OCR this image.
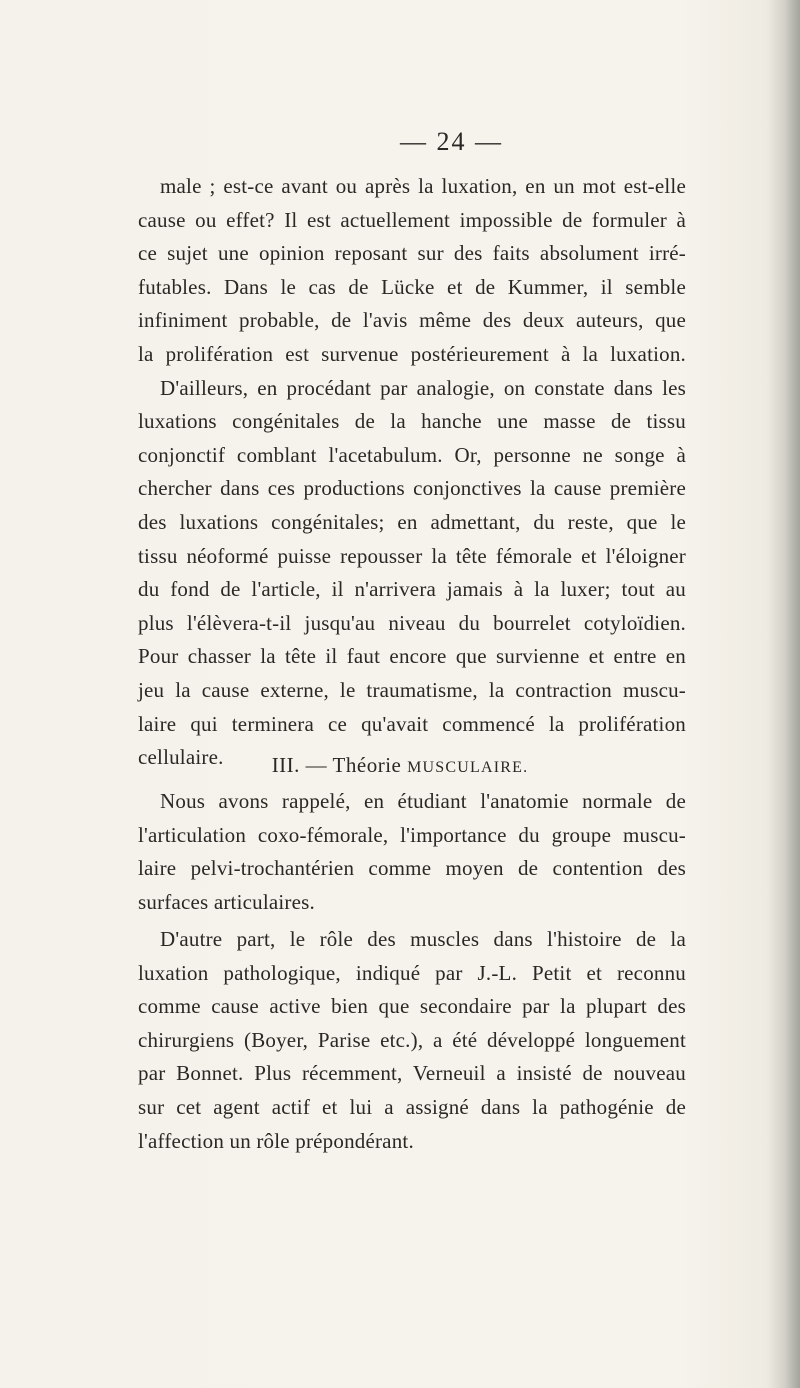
— 24 —
male ; est-ce avant ou après la luxation, en un mot est-elle
cause ou effet? Il est actuellement impossible de formuler à
ce sujet une opinion reposant sur des faits absolument irré-
futables. Dans le cas de Lücke et de Kummer, il semble
infiniment probable, de l'avis même des deux auteurs, que
la prolifération est survenue postérieurement à la luxation.
D'ailleurs, en procédant par analogie, on constate dans les
luxations congénitales de la hanche une masse de tissu
conjonctif comblant l'acetabulum. Or, personne ne songe à
chercher dans ces productions conjonctives la cause première
des luxations congénitales; en admettant, du reste, que le
tissu néoformé puisse repousser la tête fémorale et l'éloigner
du fond de l'article, il n'arrivera jamais à la luxer; tout au
plus l'élèvera-t-il jusqu'au niveau du bourrelet cotyloïdien.
Pour chasser la tête il faut encore que survienne et entre en
jeu la cause externe, le traumatisme, la contraction muscu-
laire qui terminera ce qu'avait commencé la prolifération
cellulaire.	III. — Théorie MUSCULAIRE.
Nous avons rappelé, en étudiant l'anatomie normale de
l'articulation coxo-fémorale, l'importance du groupe muscu-
laire pelvi-trochantérien comme moyen de contention des
surfaces articulaires.
D'autre part, le rôle des muscles dans l'histoire de la
luxation pathologique, indiqué par J.-L. Petit et reconnu
comme cause active bien que secondaire par la plupart des
chirurgiens (Boyer, Parise etc.), a été développé longuement
par Bonnet. Plus récemment, Verneuil a insisté de nouveau
sur cet agent actif et lui a assigné dans la pathogénie de
l'affection un rôle prépondérant.
